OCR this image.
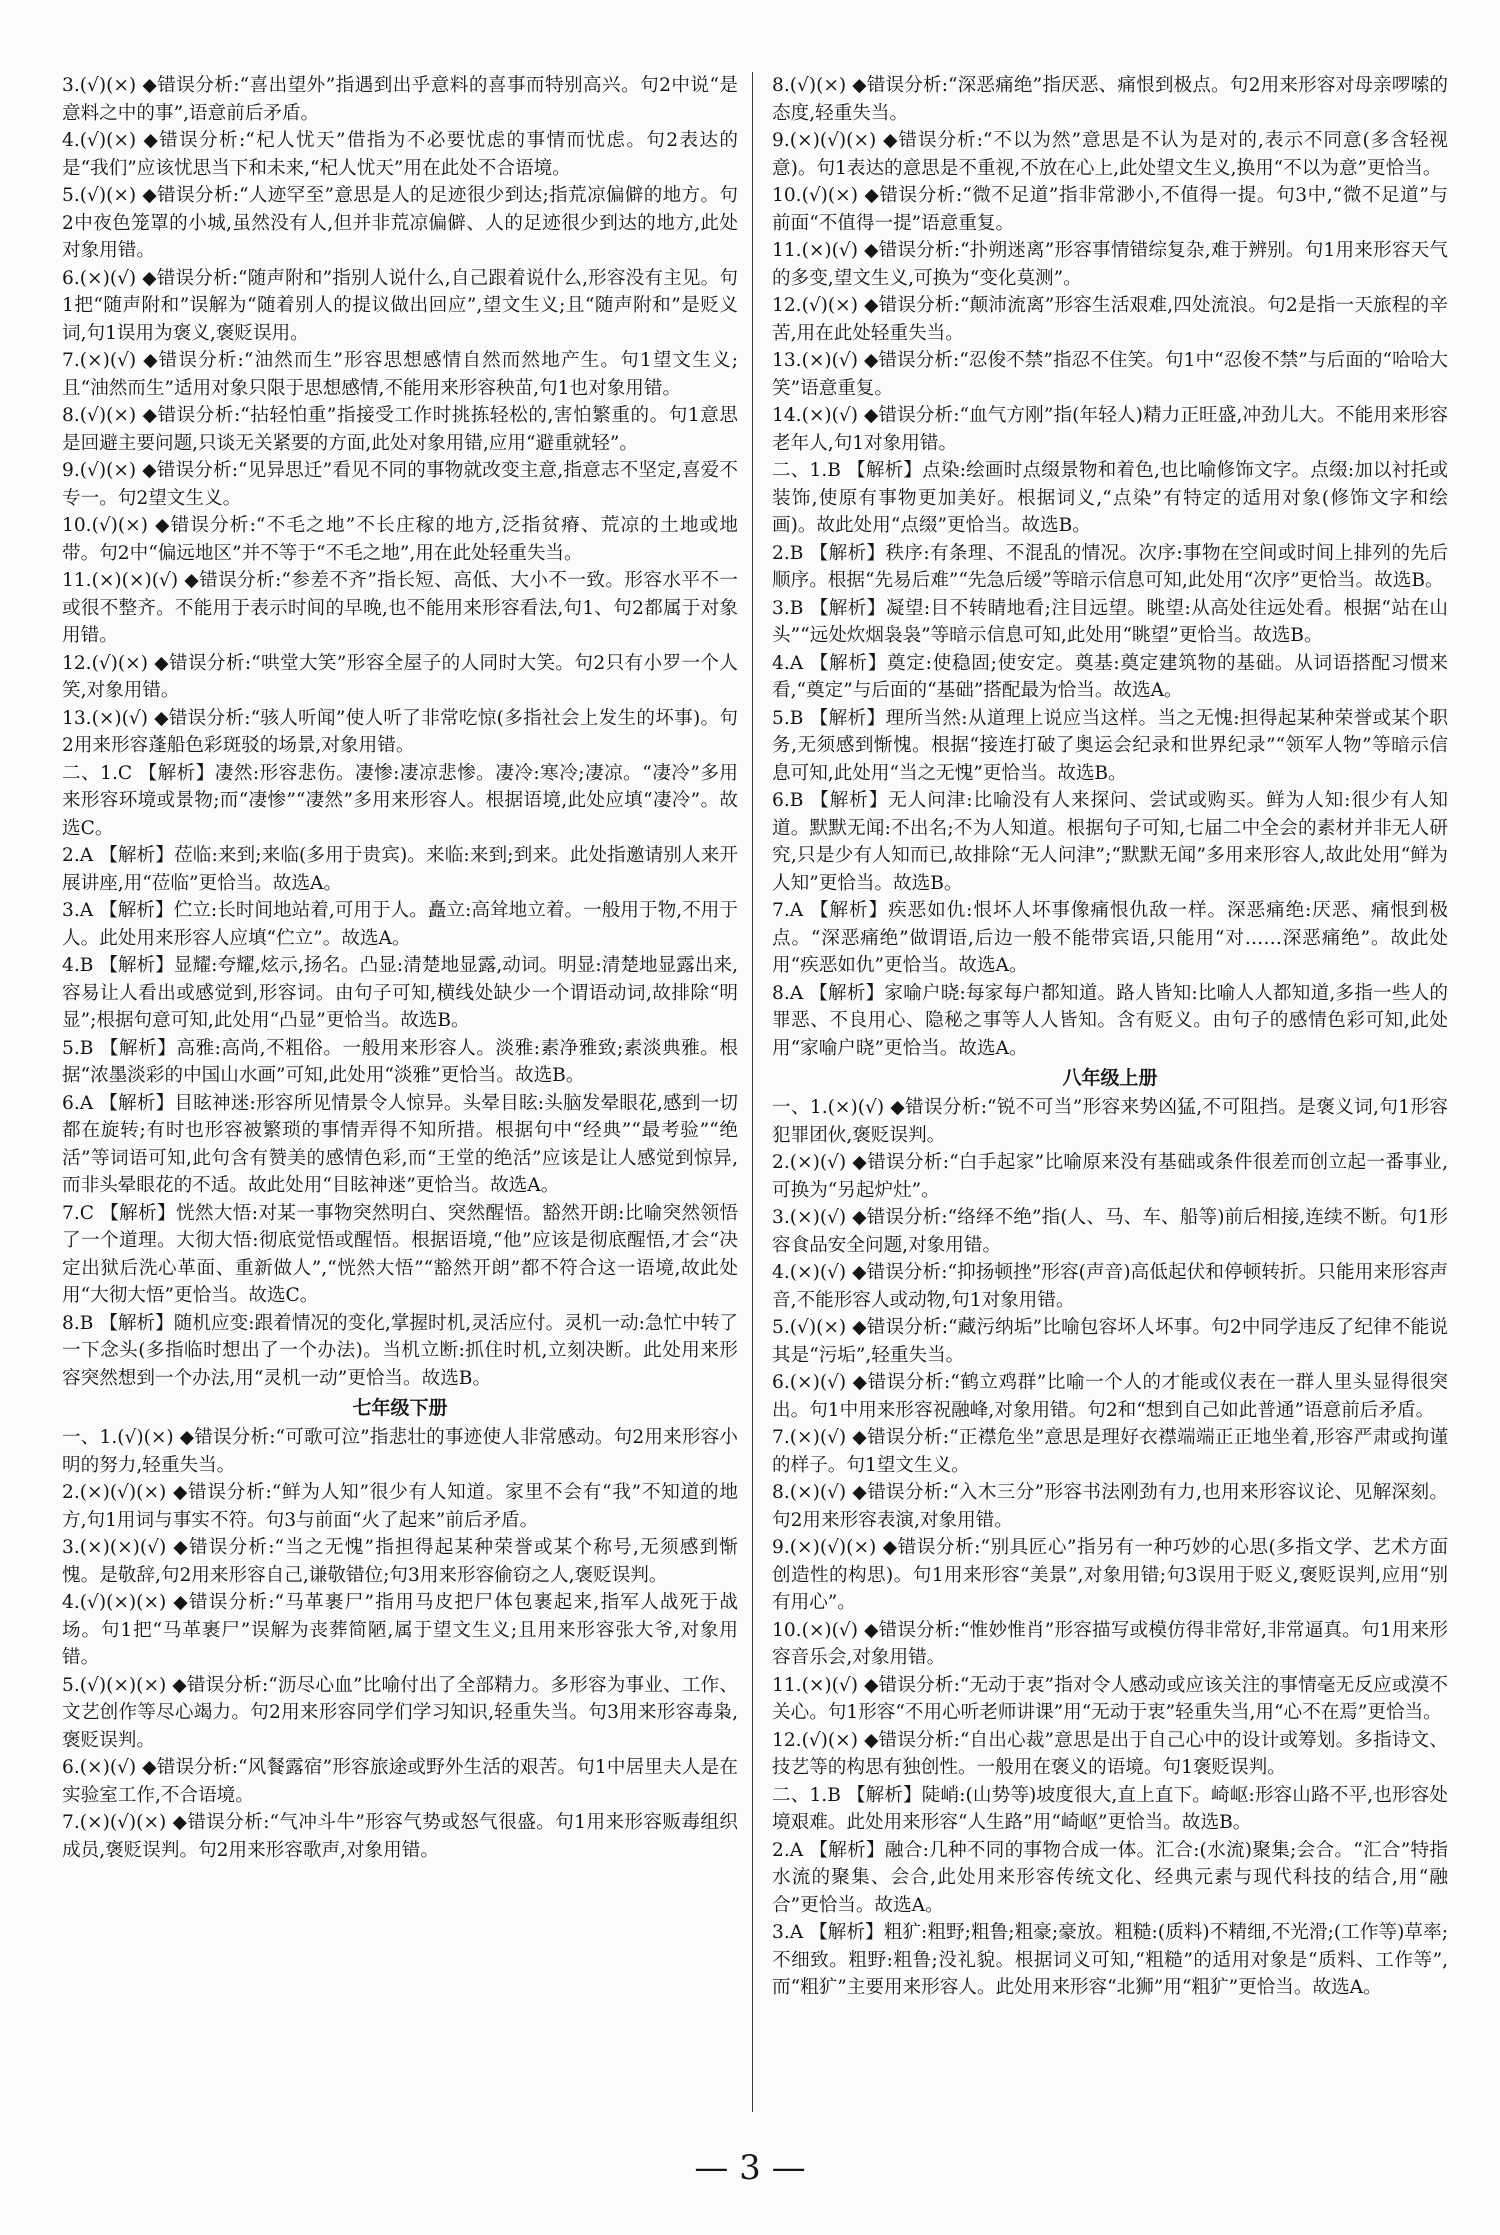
3.(√)(×) ◆错误分析:“喜出望外”指遇到出乎意料的喜事而特别高兴。句2中说“是意料之中的事”,语意前后矛盾。

4.(√)(×) ◆错误分析:“杞人忧天”借指为不必要忧虑的事情而忧虑。句2表达的是“我们”应该忧思当下和未来,“杞人忧天”用在此处不合语境。

5.(√)(×) ◆错误分析:“人迹罕至”意思是人的足迹很少到达;指荒凉偏僻的地方。句2中夜色笼罩的小城,虽然没有人,但并非荒凉偏僻、人的足迹很少到达的地方,此处对象用错。

6.(×)(√) ◆错误分析:“随声附和”指别人说什么,自己跟着说什么,形容没有主见。句1把“随声附和”误解为“随着别人的提议做出回应”,望文生义;且“随声附和”是贬义词,句1误用为褒义,褒贬误用。

7.(×)(√) ◆错误分析:“油然而生”形容思想感情自然而然地产生。句1望文生义;且“油然而生”适用对象只限于思想感情,不能用来形容秧苗,句1也对象用错。

8.(√)(×) ◆错误分析:“拈轻怕重”指接受工作时挑拣轻松的,害怕繁重的。句1意思是回避主要问题,只谈无关紧要的方面,此处对象用错,应用“避重就轻”。

9.(√)(×) ◆错误分析:“见异思迁”看见不同的事物就改变主意,指意志不坚定,喜爱不专一。句2望文生义。

10.(√)(×) ◆错误分析:“不毛之地”不长庄稼的地方,泛指贫瘠、荒凉的土地或地带。句2中“偏远地区”并不等于“不毛之地”,用在此处轻重失当。

11.(×)(×)(√) ◆错误分析:“参差不齐”指长短、高低、大小不一致。形容水平不一或很不整齐。不能用于表示时间的早晚,也不能用来形容看法,句1、句2都属于对象用错。

12.(√)(×) ◆错误分析:“哄堂大笑”形容全屋子的人同时大笑。句2只有小罗一个人笑,对象用错。

13.(×)(√) ◆错误分析:“骇人听闻”使人听了非常吃惊(多指社会上发生的坏事)。句2用来形容蓬船色彩斑驳的场景,对象用错。

二、1.C 【解析】凄然:形容悲伤。凄惨:凄凉悲惨。凄冷:寒冷;凄凉。“凄冷”多用来形容环境或景物;而“凄惨”“凄然”多用来形容人。根据语境,此处应填“凄冷”。故选C。

2.A 【解析】莅临:来到;来临(多用于贵宾)。来临:来到;到来。此处指邀请别人来开展讲座,用“莅临”更恰当。故选A。

3.A 【解析】伫立:长时间地站着,可用于人。矗立:高耸地立着。一般用于物,不用于人。此处用来形容人应填“伫立”。故选A。

4.B 【解析】显耀:夸耀,炫示,扬名。凸显:清楚地显露,动词。明显:清楚地显露出来,容易让人看出或感觉到,形容词。由句子可知,横线处缺少一个谓语动词,故排除“明显”;根据句意可知,此处用“凸显”更恰当。故选B。

5.B 【解析】高雅:高尚,不粗俗。一般用来形容人。淡雅:素净雅致;素淡典雅。根据“浓墨淡彩的中国山水画”可知,此处用“淡雅”更恰当。故选B。

6.A 【解析】目眩神迷:形容所见情景令人惊异。头晕目眩:头脑发晕眼花,感到一切都在旋转;有时也形容被繁琐的事情弄得不知所措。根据句中“经典”“最考验”“绝活”等词语可知,此句含有赞美的感情色彩,而“王堂的绝活”应该是让人感觉到惊异,而非头晕眼花的不适。故此处用“目眩神迷”更恰当。故选A。

7.C 【解析】恍然大悟:对某一事物突然明白、突然醒悟。豁然开朗:比喻突然领悟了一个道理。大彻大悟:彻底觉悟或醒悟。根据语境,“他”应该是彻底醒悟,才会“决定出狱后洗心革面、重新做人”,“恍然大悟”“豁然开朗”都不符合这一语境,故此处用“大彻大悟”更恰当。故选C。

8.B 【解析】随机应变:跟着情况的变化,掌握时机,灵活应付。灵机一动:急忙中转了一下念头(多指临时想出了一个办法)。当机立断:抓住时机,立刻决断。此处用来形容突然想到一个办法,用“灵机一动”更恰当。故选B。

七年级下册

一、1.(√)(×) ◆错误分析:“可歌可泣”指悲壮的事迹使人非常感动。句2用来形容小明的努力,轻重失当。

2.(×)(√)(×) ◆错误分析:“鲜为人知”很少有人知道。家里不会有“我”不知道的地方,句1用词与事实不符。句3与前面“火了起来”前后矛盾。

3.(×)(×)(√) ◆错误分析:“当之无愧”指担得起某种荣誉或某个称号,无须感到惭愧。是敬辞,句2用来形容自己,谦敬错位;句3用来形容偷窃之人,褒贬误判。

4.(√)(×)(×) ◆错误分析:“马革裹尸”指用马皮把尸体包裹起来,指军人战死于战场。句1把“马革裹尸”误解为丧葬简陋,属于望文生义;且用来形容张大爷,对象用错。

5.(√)(×)(×) ◆错误分析:“沥尽心血”比喻付出了全部精力。多形容为事业、工作、文艺创作等尽心竭力。句2用来形容同学们学习知识,轻重失当。句3用来形容毒枭,褒贬误判。

6.(×)(√) ◆错误分析:“风餐露宿”形容旅途或野外生活的艰苦。句1中居里夫人是在实验室工作,不合语境。

7.(×)(√)(×) ◆错误分析:“气冲斗牛”形容气势或怒气很盛。句1用来形容贩毒组织成员,褒贬误判。句2用来形容歌声,对象用错。

8.(√)(×) ◆错误分析:“深恶痛绝”指厌恶、痛恨到极点。句2用来形容对母亲啰嗦的态度,轻重失当。

9.(×)(√)(×) ◆错误分析:“不以为然”意思是不认为是对的,表示不同意(多含轻视意)。句1表达的意思是不重视,不放在心上,此处望文生义,换用“不以为意”更恰当。

10.(√)(×) ◆错误分析:“微不足道”指非常渺小,不值得一提。句3中,“微不足道”与前面“不值得一提”语意重复。

11.(×)(√) ◆错误分析:“扑朔迷离”形容事情错综复杂,难于辨别。句1用来形容天气的多变,望文生义,可换为“变化莫测”。

12.(√)(×) ◆错误分析:“颠沛流离”形容生活艰难,四处流浪。句2是指一天旅程的辛苦,用在此处轻重失当。

13.(×)(√) ◆错误分析:“忍俊不禁”指忍不住笑。句1中“忍俊不禁”与后面的“哈哈大笑”语意重复。

14.(×)(√) ◆错误分析:“血气方刚”指(年轻人)精力正旺盛,冲劲儿大。不能用来形容老年人,句1对象用错。

二、1.B 【解析】点染:绘画时点缀景物和着色,也比喻修饰文字。点缀:加以衬托或装饰,使原有事物更加美好。根据词义,“点染”有特定的适用对象(修饰文字和绘画)。故此处用“点缀”更恰当。故选B。

2.B 【解析】秩序:有条理、不混乱的情况。次序:事物在空间或时间上排列的先后顺序。根据“先易后难”“先急后缓”等暗示信息可知,此处用“次序”更恰当。故选B。

3.B 【解析】凝望:目不转睛地看;注目远望。眺望:从高处往远处看。根据“站在山头”“远处炊烟袅袅”等暗示信息可知,此处用“眺望”更恰当。故选B。

4.A 【解析】奠定:使稳固;使安定。奠基:奠定建筑物的基础。从词语搭配习惯来看,“奠定”与后面的“基础”搭配最为恰当。故选A。

5.B 【解析】理所当然:从道理上说应当这样。当之无愧:担得起某种荣誉或某个职务,无须感到惭愧。根据“接连打破了奥运会纪录和世界纪录”“领军人物”等暗示信息可知,此处用“当之无愧”更恰当。故选B。

6.B 【解析】无人问津:比喻没有人来探问、尝试或购买。鲜为人知:很少有人知道。默默无闻:不出名;不为人知道。根据句子可知,七届二中全会的素材并非无人研究,只是少有人知而已,故排除“无人问津”;“默默无闻”多用来形容人,故此处用“鲜为人知”更恰当。故选B。

7.A 【解析】疾恶如仇:恨坏人坏事像痛恨仇敌一样。深恶痛绝:厌恶、痛恨到极点。“深恶痛绝”做谓语,后边一般不能带宾语,只能用“对……深恶痛绝”。故此处用“疾恶如仇”更恰当。故选A。

8.A 【解析】家喻户晓:每家每户都知道。路人皆知:比喻人人都知道,多指一些人的罪恶、不良用心、隐秘之事等人人皆知。含有贬义。由句子的感情色彩可知,此处用“家喻户晓”更恰当。故选A。

八年级上册

一、1.(×)(√) ◆错误分析:“锐不可当”形容来势凶猛,不可阻挡。是褒义词,句1形容犯罪团伙,褒贬误判。

2.(×)(√) ◆错误分析:“白手起家”比喻原来没有基础或条件很差而创立起一番事业,可换为“另起炉灶”。

3.(×)(√) ◆错误分析:“络绎不绝”指(人、马、车、船等)前后相接,连续不断。句1形容食品安全问题,对象用错。

4.(×)(√) ◆错误分析:“抑扬顿挫”形容(声音)高低起伏和停顿转折。只能用来形容声音,不能形容人或动物,句1对象用错。

5.(√)(×) ◆错误分析:“藏污纳垢”比喻包容坏人坏事。句2中同学违反了纪律不能说其是“污垢”,轻重失当。

6.(×)(√) ◆错误分析:“鹤立鸡群”比喻一个人的才能或仪表在一群人里头显得很突出。句1中用来形容祝融峰,对象用错。句2和“想到自己如此普通”语意前后矛盾。

7.(×)(√) ◆错误分析:“正襟危坐”意思是理好衣襟端端正正地坐着,形容严肃或拘谨的样子。句1望文生义。

8.(×)(√) ◆错误分析:“入木三分”形容书法刚劲有力,也用来形容议论、见解深刻。句2用来形容表演,对象用错。

9.(×)(√)(×) ◆错误分析:“别具匠心”指另有一种巧妙的心思(多指文学、艺术方面创造性的构思)。句1用来形容“美景”,对象用错;句3误用于贬义,褒贬误判,应用“别有用心”。

10.(×)(√) ◆错误分析:“惟妙惟肖”形容描写或模仿得非常好,非常逼真。句1用来形容音乐会,对象用错。

11.(×)(√) ◆错误分析:“无动于衷”指对令人感动或应该关注的事情毫无反应或漠不关心。句1形容“不用心听老师讲课”用“无动于衷”轻重失当,用“心不在焉”更恰当。

12.(√)(×) ◆错误分析:“自出心裁”意思是出于自己心中的设计或筹划。多指诗文、技艺等的构思有独创性。一般用在褒义的语境。句1褒贬误判。

二、1.B 【解析】陡峭:(山势等)坡度很大,直上直下。崎岖:形容山路不平,也形容处境艰难。此处用来形容“人生路”用“崎岖”更恰当。故选B。

2.A 【解析】融合:几种不同的事物合成一体。汇合:(水流)聚集;会合。“汇合”特指水流的聚集、会合,此处用来形容传统文化、经典元素与现代科技的结合,用“融合”更恰当。故选A。

3.A 【解析】粗犷:粗野;粗鲁;粗豪;豪放。粗糙:(质料)不精细,不光滑;(工作等)草率;不细致。粗野:粗鲁;没礼貌。根据词义可知,“粗糙”的适用对象是“质料、工作等”,而“粗犷”主要用来形容人。此处用来形容“北狮”用“粗犷”更恰当。故选A。

— 3 —
